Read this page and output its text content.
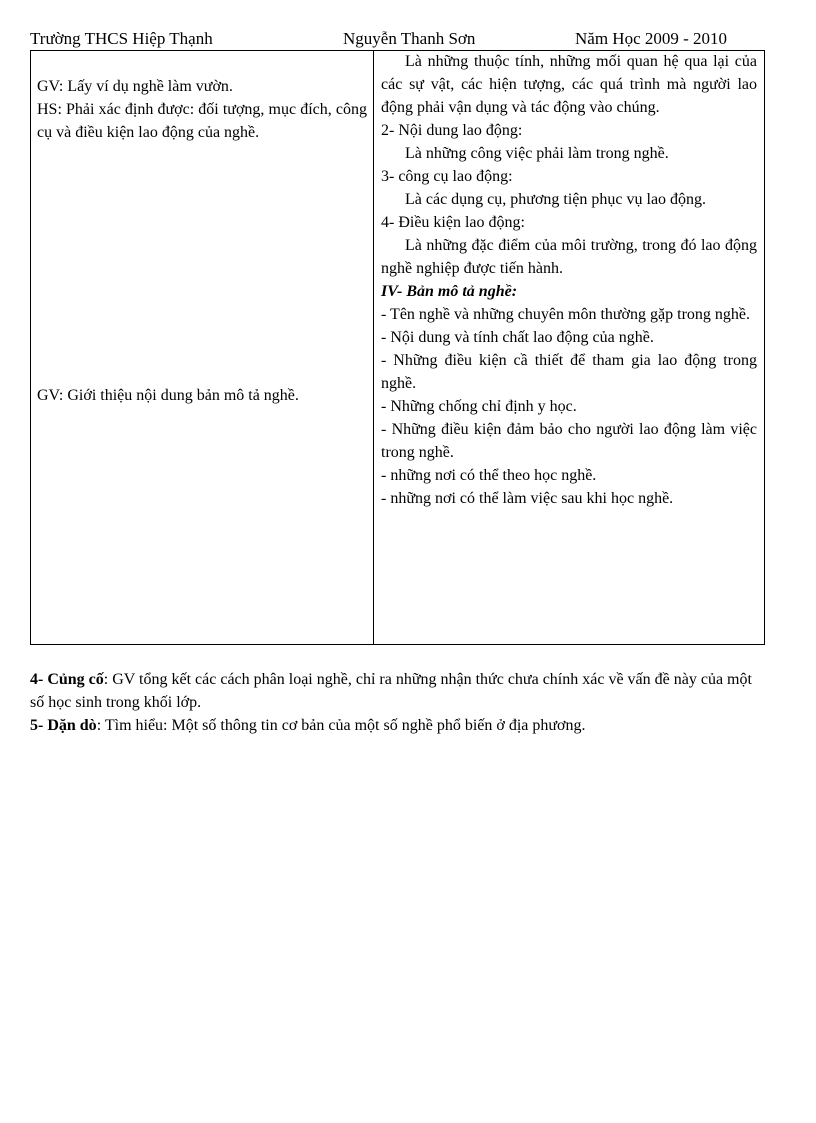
Trường THCS Hiệp Thạnh	Nguyễn Thanh Sơn	Năm Học 2009 - 2010

GV: Lấy ví dụ nghề làm vườn.

HS: Phải xác định được: đối tượng, mục đích, công cụ và điều kiện lao động của nghề.

GV: Giới thiệu nội dung bản mô tả nghề.

Là những thuộc tính, những mối quan hệ qua lại của các sự vật, các hiện tượng, các quá trình mà người lao động phải vận dụng và tác động vào chúng.

2- Nội dung lao động:

Là những công việc phải làm trong nghề.

3- công cụ lao động:

Là các dụng cụ, phương tiện phục vụ lao động.

4- Điều kiện lao động:

Là những đặc điểm của môi trường, trong đó lao động nghề nghiệp được tiến hành.

IV- Bản mô tả nghề:

- Tên nghề và những chuyên môn thường gặp trong nghề.

- Nội dung và tính chất lao động của nghề.

- Những điều kiện cầ thiết để tham gia lao động trong nghề.

- Những chống chỉ định y học.

- Những điều kiện đảm bảo cho người lao động làm việc trong nghề.

- những nơi có thể theo học nghề.

- những nơi có thể làm việc sau khi học nghề.

4- Củng cố: GV tổng kết các cách phân loại nghề, chỉ ra những nhận thức chưa chính xác về vấn đề này của một số học sinh trong khối lớp.

5- Dặn dò: Tìm hiểu: Một số thông tin cơ bản của một số nghề phổ biến ở địa phương.
